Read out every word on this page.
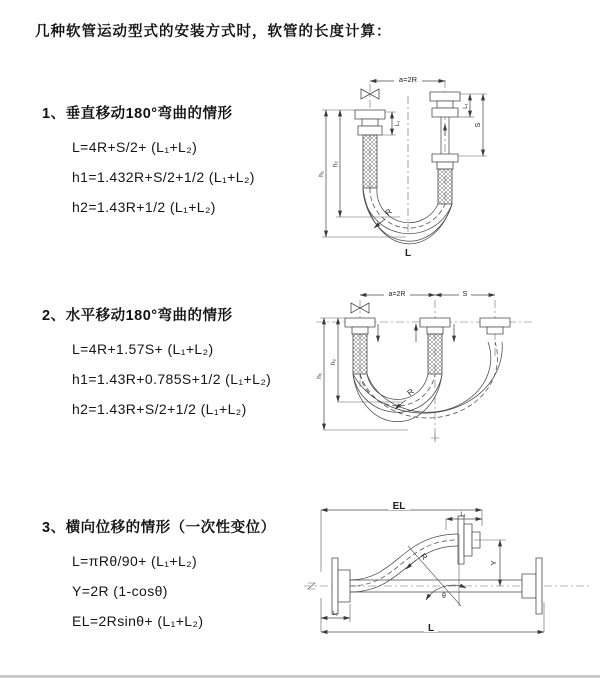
几种软管运动型式的安装方式时，软管的长度计算：
1、垂直移动180°弯曲的情形
L=4R+S/2+ (L₁+L₂)
h1=1.432R+S/2+1/2 (L₁+L₂)
h2=1.43R+1/2 (L₁+L₂)
2、水平移动180°弯曲的情形
L=4R+1.57S+ (L₁+L₂)
h1=1.43R+0.785S+1/2 (L₁+L₂)
h2=1.43R+S/2+1/2 (L₁+L₂)
3、横向位移的情形（一次性变位）
L=πRθ/90+ (L₁+L₂)
Y=2R (1-cosθ)
EL=2Rsinθ+ (L₁+L₂)
a=2R
L₁	S
L₁
R
h₂
h₁
L
a=2R	S
R
h₂
h₁
EL
L₁
Y
θ
R
L
L₁
